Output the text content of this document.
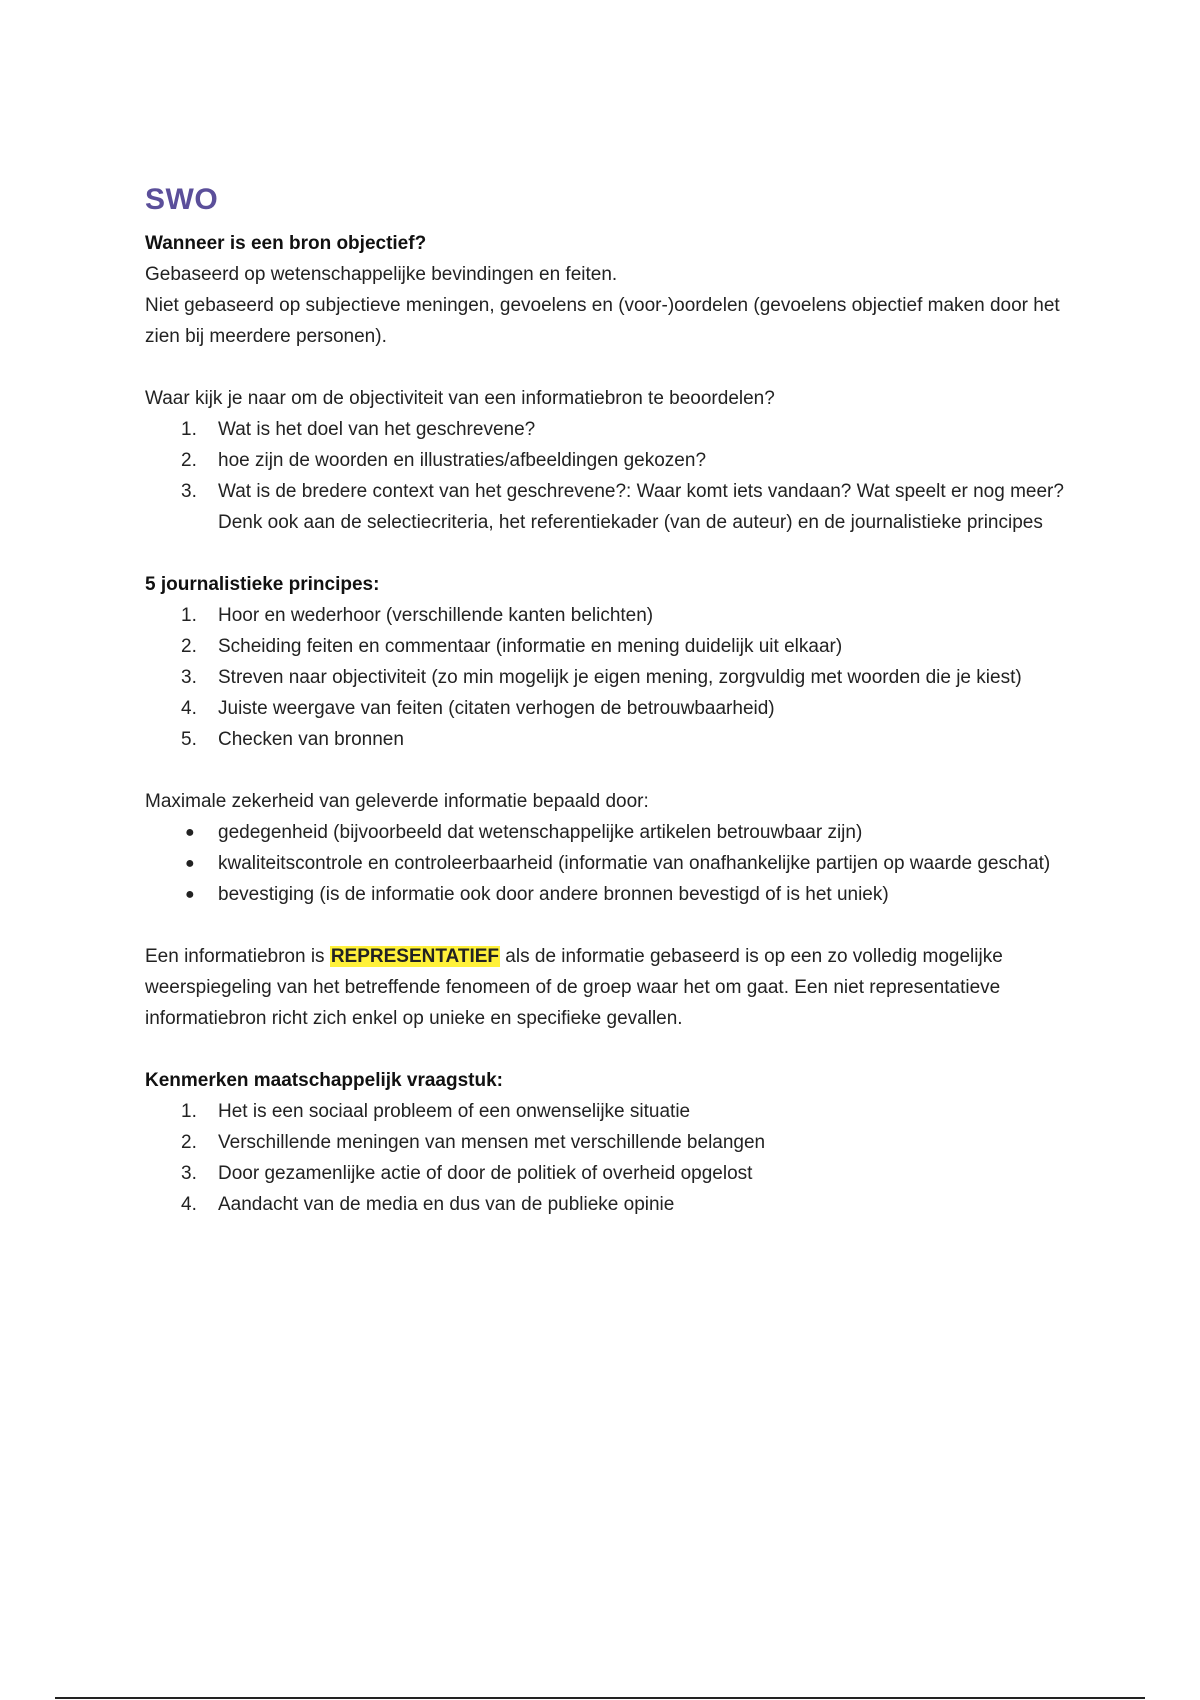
SWO

Wanneer is een bron objectief?

Gebaseerd op wetenschappelijke bevindingen en feiten.

Niet gebaseerd op subjectieve meningen, gevoelens en (voor-)oordelen (gevoelens objectief maken door het zien bij meerdere personen).

Waar kijk je naar om de objectiviteit van een informatiebron te beoordelen?

1.	Wat is het doel van het geschrevene?
2.	hoe zijn de woorden en illustraties/afbeeldingen gekozen?
3.	Wat is de bredere context van het geschrevene?: Waar komt iets vandaan? Wat speelt er nog meer? Denk ook aan de selectiecriteria, het referentiekader (van de auteur) en de journalistieke principes

5 journalistieke principes:

1.	Hoor en wederhoor (verschillende kanten belichten)
2.	Scheiding feiten en commentaar (informatie en mening duidelijk uit elkaar)
3.	Streven naar objectiviteit (zo min mogelijk je eigen mening, zorgvuldig met woorden die je kiest)
4.	Juiste weergave van feiten (citaten verhogen de betrouwbaarheid)
5.	Checken van bronnen

Maximale zekerheid van geleverde informatie bepaald door:

● gedegenheid (bijvoorbeeld dat wetenschappelijke artikelen betrouwbaar zijn)
● kwaliteitscontrole en controleerbaarheid (informatie van onafhankelijke partijen op waarde geschat)
● bevestiging (is de informatie ook door andere bronnen bevestigd of is het uniek)

Een informatiebron is REPRESENTATIEF als de informatie gebaseerd is op een zo volledig mogelijke weerspiegeling van het betreffende fenomeen of de groep waar het om gaat. Een niet representatieve informatiebron richt zich enkel op unieke en specifieke gevallen.

Kenmerken maatschappelijk vraagstuk:

1.	Het is een sociaal probleem of een onwenselijke situatie
2.	Verschillende meningen van mensen met verschillende belangen
3.	Door gezamenlijke actie of door de politiek of overheid opgelost
4.	Aandacht van de media en dus van de publieke opinie
